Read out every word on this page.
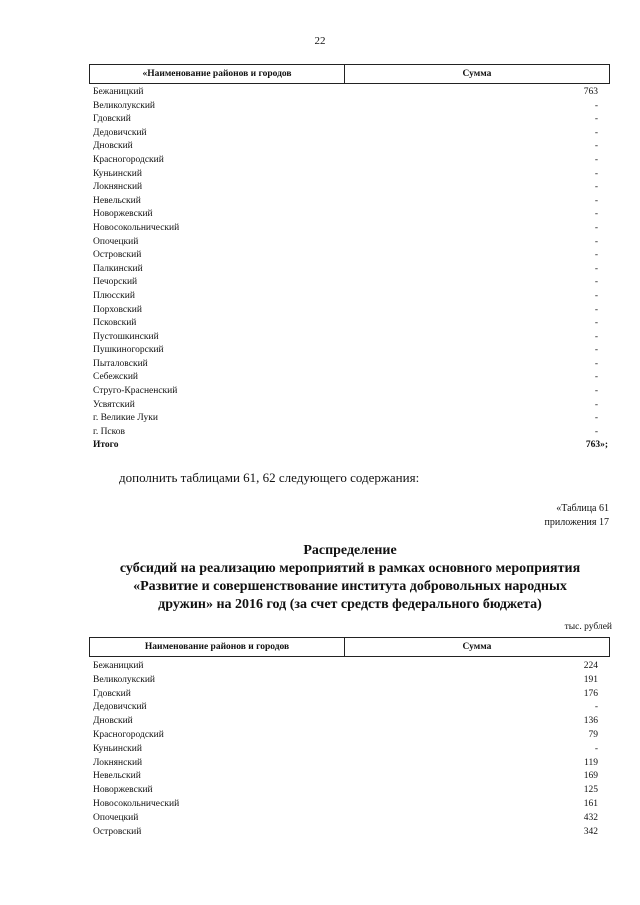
22
«Наименование районов и городов	Сумма
Бежаницкий	763
Великолукский	-
Гдовский	-
Дедовичский	-
Дновский	-
Красногородский	-
Куньинский	-
Локнянский	-
Невельский	-
Новоржевский	-
Новосокольнический	-
Опочецкий	-
Островский	-
Палкинский	-
Печорский	-
Плюсский	-
Порховский	-
Псковский	-
Пустошкинский	-
Пушкиногорский	-
Пыталовский	-
Себежский	-
Струго-Красненский	-
Усвятский	-
г. Великие Луки	-
г. Псков	-
Итого	763»;
дополнить таблицами 61, 62 следующего содержания:
«Таблица 61
приложения 17
Распределение
субсидий на реализацию мероприятий в рамках основного мероприятия
«Развитие и совершенствование института добровольных народных
дружин» на 2016 год (за счет средств федерального бюджета)
тыс. рублей
Наименование районов и городов	Сумма
Бежаницкий	224
Великолукский	191
Гдовский	176
Дедовичский	-
Дновский	136
Красногородский	79
Куньинский	-
Локнянский	119
Невельский	169
Новоржевский	125
Новосокольнический	161
Опочецкий	432
Островский	342
